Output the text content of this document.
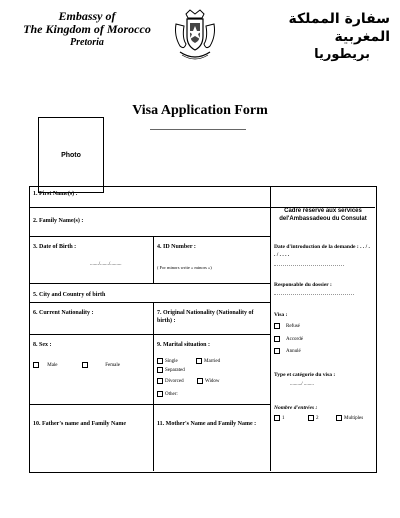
Embassy of
The Kingdom of Morocco
Pretoria
سفارة المملكة المغربية
بريطوريا
Visa Application Form
Photo
1. First Name(s) :
2. Family Name(s) :
3. Date of Birth :
......./......./.........
4. ID Number :
( For minors write « minors »)
5. City and Country of birth
6. Current Nationality :	7. Original Nationality (Nationality of birth) :
8. Sex :
Male	Female
9. Marital situation :
Single	Married
Separated
Divorced	Widow
Other:
10. Father's name and Family Name	11. Mother's Name and Family Name :
Cadre réservé aux services del'Ambassadeou du Consulat
Date d'introduction de la demande : . . / . . / . . . .
Responsable du dossier :
Visa :
Refusé
Accordé
Annulé
Type et catégorie du visa :
........./ ........
Nombre d'entrées :
1	2	Multiples
